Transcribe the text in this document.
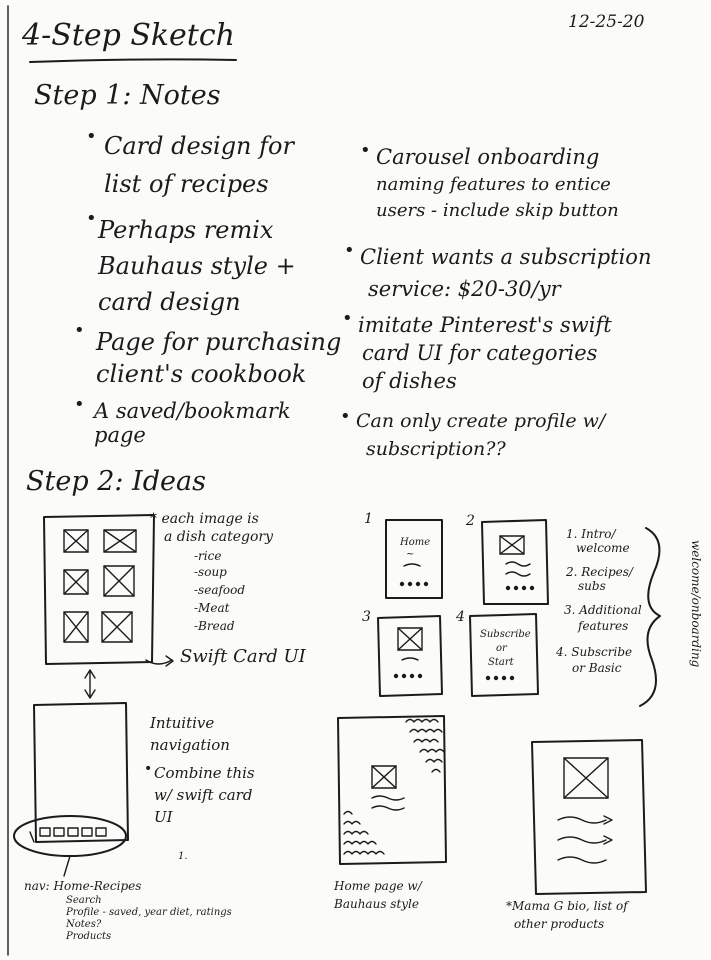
4-Step Sketch	12-25-20
Step 1: Notes
• Card design for
list of recipes
• Perhaps remix
Bauhaus style +
card design
• Page for purchasing
client's cookbook
• A saved/bookmark
page
• Carousel onboarding
naming features to entice
users - include skip button
• Client wants a subscription
service: $20-30/yr
• imitate Pinterest's swift
card UI for categories
of dishes
• Can only create profile w/
subscription??
Step 2: Ideas
* each image is
a dish category
-rice
-soup
-seafood
-Meat
-Bread
Swift Card UI
1	2
3	4
Home
~
Subscribe
or
Start
1. Intro/
welcome
2. Recipes/
subs
3. Additional
features
4. Subscribe
or Basic
welcome/onboarding
Intuitive
navigation
• Combine this
w/ swift card
UI
1.
nav: Home-Recipes
Search
Profile - saved, year diet, ratings
Notes?
Products
Home page w/
Bauhaus style	*Mama G bio, list of
other products
